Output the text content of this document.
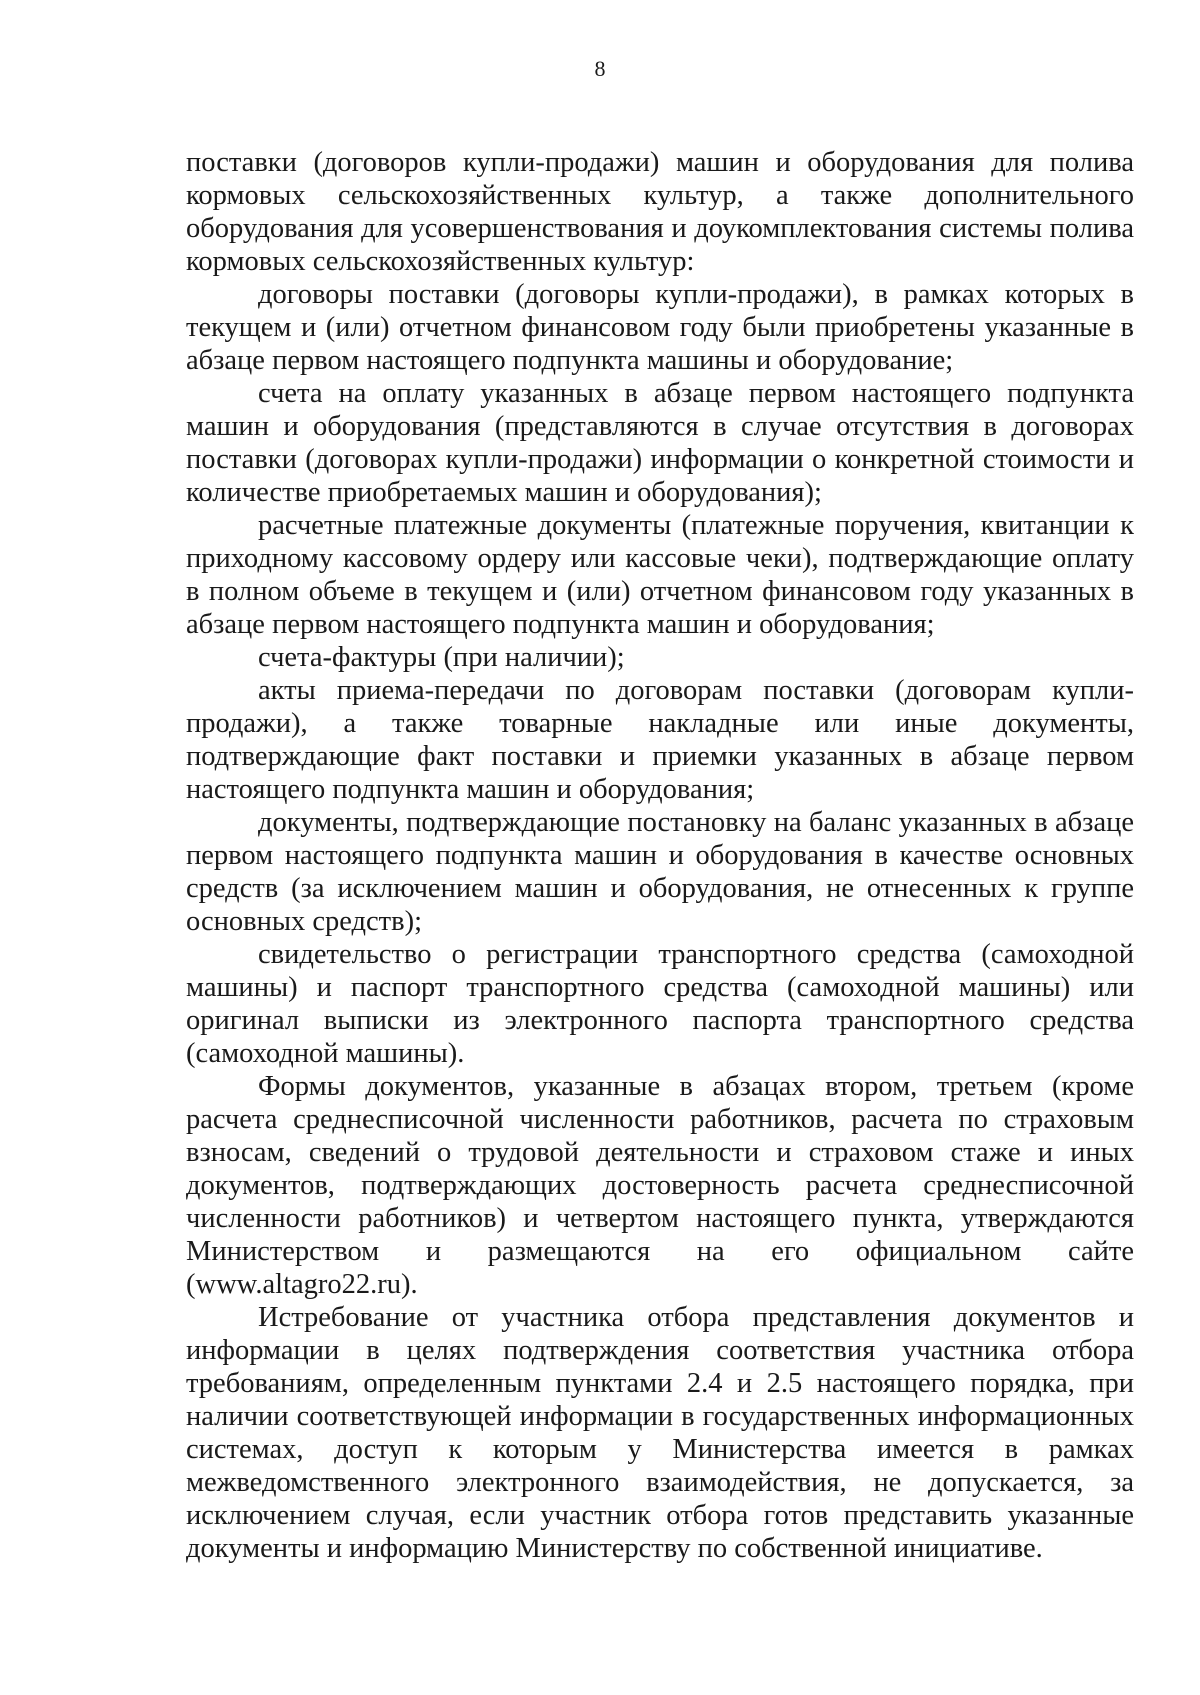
8

поставки (договоров купли-продажи) машин и оборудования для полива кормовых сельскохозяйственных культур, а также дополнительного оборудования для усовершенствования и доукомплектования системы полива кормовых сельскохозяйственных культур:

договоры поставки (договоры купли-продажи), в рамках которых в текущем и (или) отчетном финансовом году были приобретены указанные в абзаце первом настоящего подпункта машины и оборудование;

счета на оплату указанных в абзаце первом настоящего подпункта машин и оборудования (представляются в случае отсутствия в договорах поставки (договорах купли-продажи) информации о конкретной стоимости и количестве приобретаемых машин и оборудования);

расчетные платежные документы (платежные поручения, квитанции к приходному кассовому ордеру или кассовые чеки), подтверждающие оплату в полном объеме в текущем и (или) отчетном финансовом году указанных в абзаце первом настоящего подпункта машин и оборудования;

счета-фактуры (при наличии);

акты приема-передачи по договорам поставки (договорам купли-продажи), а также товарные накладные или иные документы, подтверждающие факт поставки и приемки указанных в абзаце первом настоящего подпункта машин и оборудования;

документы, подтверждающие постановку на баланс указанных в абзаце первом настоящего подпункта машин и оборудования в качестве основных средств (за исключением машин и оборудования, не отнесенных к группе основных средств);

свидетельство о регистрации транспортного средства (самоходной машины) и паспорт транспортного средства (самоходной машины) или оригинал выписки из электронного паспорта транспортного средства (самоходной машины).

Формы документов, указанные в абзацах втором, третьем (кроме расчета среднесписочной численности работников, расчета по страховым взносам, сведений о трудовой деятельности и страховом стаже и иных документов, подтверждающих достоверность расчета среднесписочной численности работников) и четвертом настоящего пункта, утверждаются Министерством и размещаются на его официальном сайте (www.altagro22.ru).

Истребование от участника отбора представления документов и информации в целях подтверждения соответствия участника отбора требованиям, определенным пунктами 2.4 и 2.5 настоящего порядка, при наличии соответствующей информации в государственных информационных системах, доступ к которым у Министерства имеется в рамках межведомственного электронного взаимодействия, не допускается, за исключением случая, если участник отбора готов представить указанные документы и информацию Министерству по собственной инициативе.
